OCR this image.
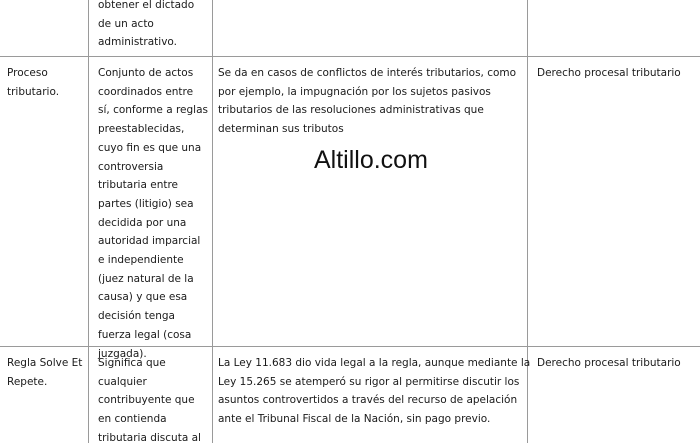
Altillo.com
obtener el dictado
de un acto
administrativo.
Proceso
tributario.
Conjunto de actos
coordinados entre
sí, conforme a reglas
preestablecidas,
cuyo fin es que una
controversia
tributaria entre
partes (litigio) sea
decidida por una
autoridad imparcial
e independiente
(juez natural de la
causa) y que esa
decisión tenga
fuerza legal (cosa
juzgada).
Se da en casos de conflictos de interés tributarios, como
por ejemplo, la impugnación por los sujetos pasivos
tributarios de las resoluciones administrativas que
determinan sus tributos
Derecho procesal tributario
Regla Solve Et
Repete.
Significa que
cualquier
contribuyente que
en contienda
tributaria discuta al
La Ley 11.683 dio vida legal a la regla, aunque mediante la
Ley 15.265 se atemperó su rigor al permitirse discutir los
asuntos controvertidos a través del recurso de apelación
ante el Tribunal Fiscal de la Nación, sin pago previo.
Derecho procesal tributario
